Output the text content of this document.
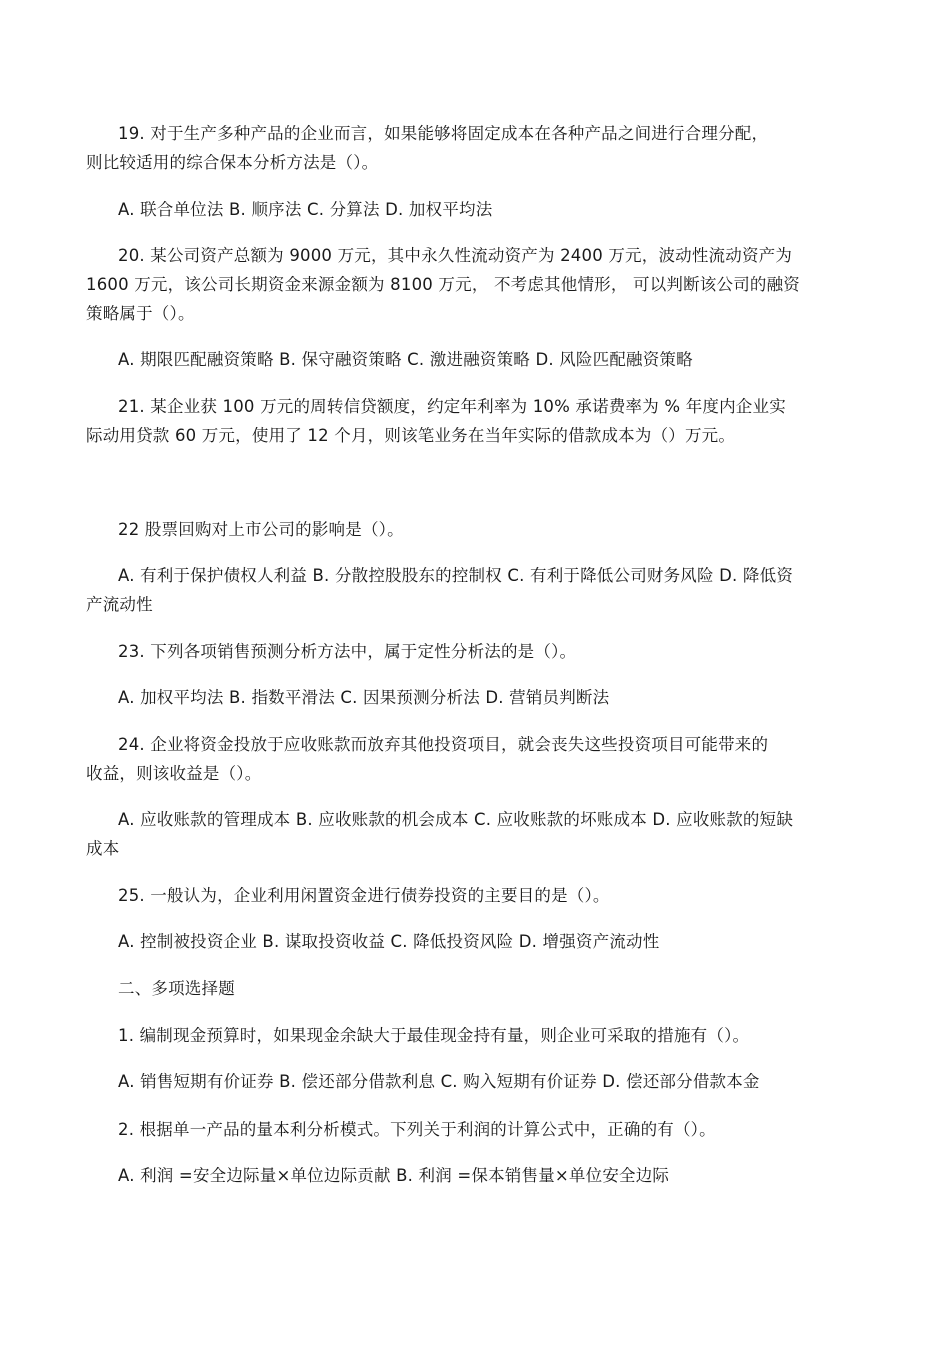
19. 对于生产多种产品的企业而言，如果能够将固定成本在各种产品之间进行合理分配，
则比较适用的综合保本分析方法是（）。
A. 联合单位法 B. 顺序法 C. 分算法 D. 加权平均法
20. 某公司资产总额为 9000 万元，其中永久性流动资产为 2400 万元，波动性流动资产为
1600 万元，该公司长期资金来源金额为 8100 万元， 不考虑其他情形， 可以判断该公司的融资
策略属于（）。
A. 期限匹配融资策略 B. 保守融资策略 C. 激进融资策略 D. 风险匹配融资策略
21. 某企业获 100 万元的周转信贷额度，约定年利率为 10% 承诺费率为 % 年度内企业实
际动用贷款 60 万元，使用了 12 个月，则该笔业务在当年实际的借款成本为（）万元。
22 股票回购对上市公司的影响是（）。
A. 有利于保护债权人利益 B. 分散控股股东的控制权 C. 有利于降低公司财务风险 D. 降低资
产流动性
23. 下列各项销售预测分析方法中，属于定性分析法的是（）。
A. 加权平均法 B. 指数平滑法 C. 因果预测分析法 D. 营销员判断法
24. 企业将资金投放于应收账款而放弃其他投资项目，就会丧失这些投资项目可能带来的
收益，则该收益是（）。
A. 应收账款的管理成本 B. 应收账款的机会成本 C. 应收账款的坏账成本 D. 应收账款的短缺
成本
25. 一般认为，企业利用闲置资金进行债券投资的主要目的是（）。
A. 控制被投资企业 B. 谋取投资收益 C. 降低投资风险 D. 增强资产流动性
二、多项选择题
1. 编制现金预算时，如果现金余缺大于最佳现金持有量，则企业可采取的措施有（）。
A. 销售短期有价证券 B. 偿还部分借款利息 C. 购入短期有价证券 D. 偿还部分借款本金
2. 根据单一产品的量本利分析模式。下列关于利润的计算公式中，正确的有（）。
A. 利润 =安全边际量×单位边际贡献 B. 利润 =保本销售量×单位安全边际
